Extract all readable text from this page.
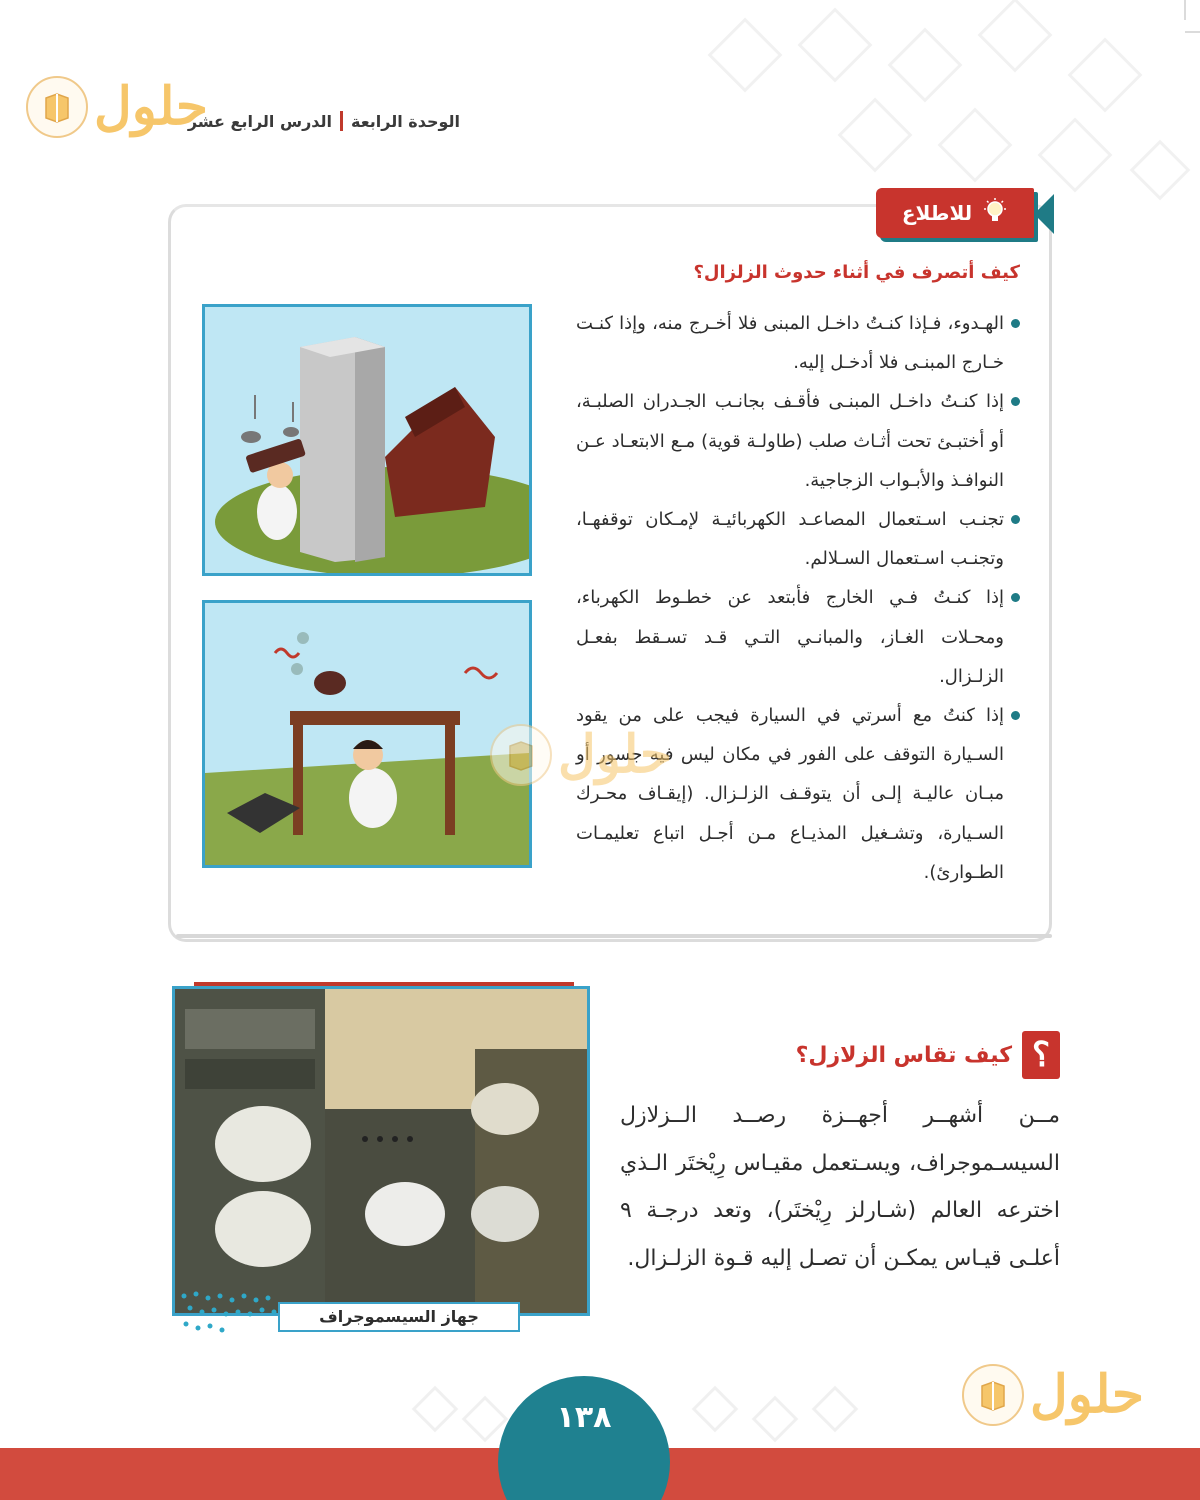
الوحدة الرابعة
الدرس الرابع عشر
حلول
للاطلاع
كيف أتصرف في أثناء حدوث الزلزال؟
الهـدوء، فـإذا كنـتُ داخـل المبنى فلا أخـرج منه، وإذا كنـت خـارج المبنـى فلا أدخـل إليه.
إذا كنـتُ داخـل المبنـى فأقـف بجانـب الجـدران الصلبـة، أو أختبـئ تحت أثـاث صلب (طاولـة قوية) مـع الابتعـاد عـن النوافـذ والأبـواب الزجاجية.
تجنـب اسـتعمال المصاعـد الكهربائيـة لإمـكان توقفهـا، وتجنـب اسـتعمال السـلالم.
إذا كنـتُ فـي الخارج فأبتعد عن خطـوط الكهرباء، ومحـلات الغـاز، والمبانـي التـي قـد تسـقط بفعـل الزلـزال.
إذا كنتُ مع أسرتي في السيارة فيجب على من يقود السـيارة التوقف على الفور في مكان ليس فيه جسور أو مبـان عاليـة إلـى أن يتوقـف الزلـزال. (إيقـاف محـرك السـيارة، وتشـغيل المذيـاع مـن أجـل اتباع تعليمـات الطـوارئ).
حلول
؟
كيف تقاس الزلازل؟
مــن أشهــر أجهــزة رصــد الــزلازل السيسـموجراف، ويسـتعمل مقيـاس رِيْختَر الـذي اخترعه العالم (شـارلز رِيْختَر)، وتعد درجـة ٩ أعلـى قيـاس يمكـن أن تصـل إليه قـوة الزلـزال.
جهاز السيسموجراف
١٣٨	حلول
